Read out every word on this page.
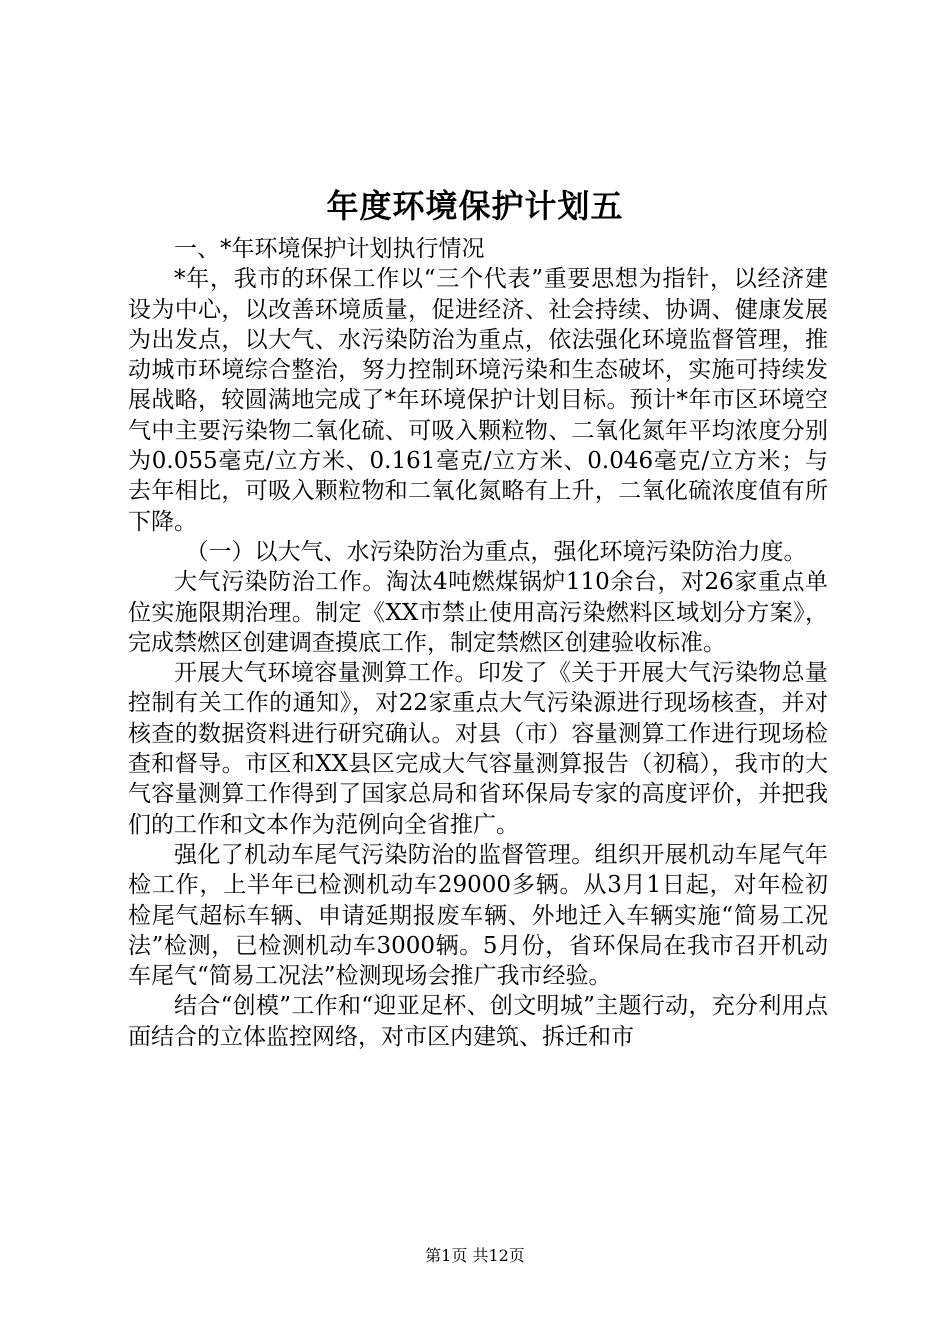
年度环境保护计划五

一、*年环境保护计划执行情况

*年，我市的环保工作以“三个代表”重要思想为指针，以经济建设为中心，以改善环境质量，促进经济、社会持续、协调、健康发展为出发点，以大气、水污染防治为重点，依法强化环境监督管理，推动城市环境综合整治，努力控制环境污染和生态破坏，实施可持续发展战略，较圆满地完成了*年环境保护计划目标。预计*年市区环境空气中主要污染物二氧化硫、可吸入颗粒物、二氧化氮年平均浓度分别为0.055毫克/立方米、0.161毫克/立方米、0.046毫克/立方米；与去年相比，可吸入颗粒物和二氧化氮略有上升，二氧化硫浓度值有所下降。

（一）以大气、水污染防治为重点，强化环境污染防治力度。

大气污染防治工作。淘汰4吨燃煤锅炉110余台，对26家重点单位实施限期治理。制定《XX市禁止使用高污染燃料区域划分方案》，完成禁燃区创建调查摸底工作，制定禁燃区创建验收标准。

开展大气环境容量测算工作。印发了《关于开展大气污染物总量控制有关工作的通知》，对22家重点大气污染源进行现场核查，并对核查的数据资料进行研究确认。对县（市）容量测算工作进行现场检查和督导。市区和XX县区完成大气容量测算报告（初稿），我市的大气容量测算工作得到了国家总局和省环保局专家的高度评价，并把我们的工作和文本作为范例向全省推广。

强化了机动车尾气污染防治的监督管理。组织开展机动车尾气年检工作，上半年已检测机动车29000多辆。从3月1日起，对年检初检尾气超标车辆、申请延期报废车辆、外地迁入车辆实施“简易工况法”检测，已检测机动车3000辆。5月份，省环保局在我市召开机动车尾气“简易工况法”检测现场会推广我市经验。

结合“创模”工作和“迎亚足杯、创文明城”主题行动，充分利用点面结合的立体监控网络，对市区内建筑、拆迁和市

第1页 共12页
